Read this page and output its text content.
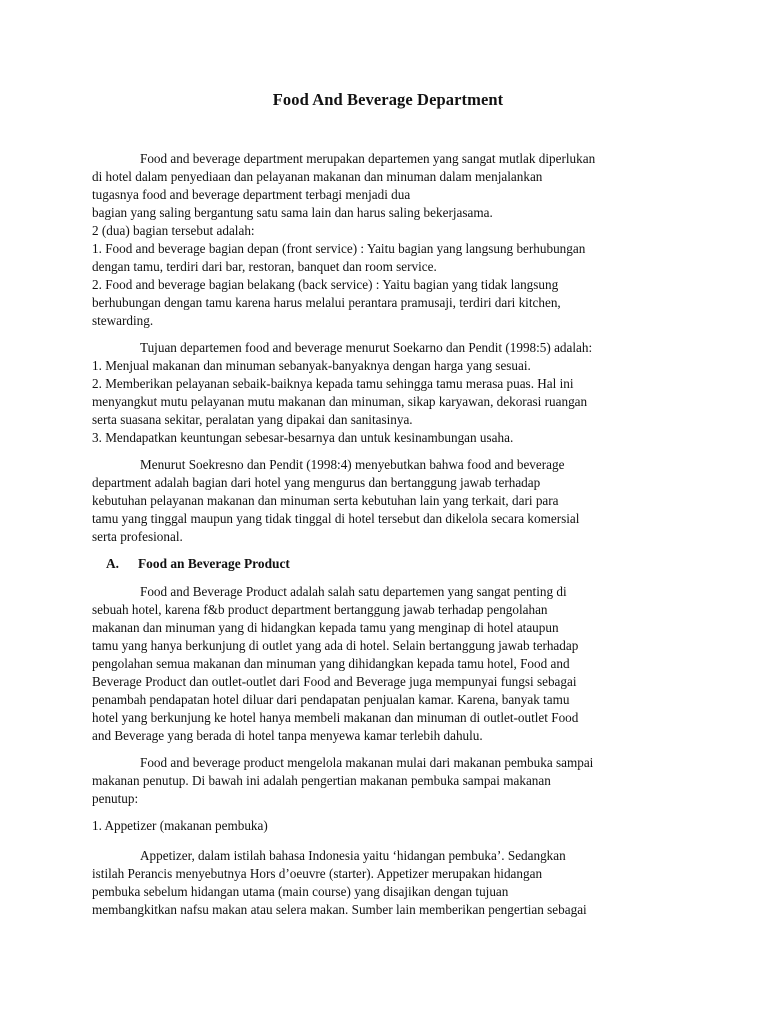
Food And Beverage Department
Food and beverage department merupakan departemen yang sangat mutlak diperlukan
di hotel dalam penyediaan dan pelayanan makanan dan minuman dalam menjalankan
tugasnya food and beverage department terbagi menjadi dua
bagian yang saling bergantung satu sama lain dan harus saling bekerjasama.
2 (dua) bagian tersebut adalah:
1. Food and beverage bagian depan (front service) : Yaitu bagian yang langsung berhubungan
dengan tamu, terdiri dari bar, restoran, banquet dan room service.
2. Food and beverage bagian belakang (back service) : Yaitu bagian yang tidak langsung
berhubungan dengan tamu karena harus melalui perantara pramusaji, terdiri dari kitchen,
stewarding.
Tujuan departemen food and beverage menurut Soekarno dan Pendit (1998:5) adalah:
1. Menjual makanan dan minuman sebanyak-banyaknya dengan harga yang sesuai.
2. Memberikan pelayanan sebaik-baiknya kepada tamu sehingga tamu merasa puas. Hal ini
menyangkut mutu pelayanan mutu makanan dan minuman, sikap karyawan, dekorasi ruangan
serta suasana sekitar, peralatan yang dipakai dan sanitasinya.
3. Mendapatkan keuntungan sebesar-besarnya dan untuk kesinambungan usaha.
Menurut Soekresno dan Pendit (1998:4) menyebutkan bahwa food and beverage
department adalah bagian dari hotel yang mengurus dan bertanggung jawab terhadap
kebutuhan pelayanan makanan dan minuman serta kebutuhan lain yang terkait, dari para
tamu yang tinggal maupun yang tidak tinggal di hotel tersebut dan dikelola secara komersial
serta profesional.
A. Food an Beverage Product
Food and Beverage Product adalah salah satu departemen yang sangat penting di
sebuah hotel, karena f&b product department bertanggung jawab terhadap pengolahan
makanan dan minuman yang di hidangkan kepada tamu yang menginap di hotel ataupun
tamu yang hanya berkunjung di outlet yang ada di hotel. Selain bertanggung jawab terhadap
pengolahan semua makanan dan minuman yang dihidangkan kepada tamu hotel, Food and
Beverage Product dan outlet-outlet dari Food and Beverage juga mempunyai fungsi sebagai
penambah pendapatan hotel diluar dari pendapatan penjualan kamar. Karena, banyak tamu
hotel yang berkunjung ke hotel hanya membeli makanan dan minuman di outlet-outlet Food
and Beverage yang berada di hotel tanpa menyewa kamar terlebih dahulu.
Food and beverage product mengelola makanan mulai dari makanan pembuka sampai
makanan penutup. Di bawah ini adalah pengertian makanan pembuka sampai makanan
penutup:
1. Appetizer (makanan pembuka)
Appetizer, dalam istilah bahasa Indonesia yaitu ‘hidangan pembuka’. Sedangkan
istilah Perancis menyebutnya Hors d’oeuvre (starter). Appetizer merupakan hidangan
pembuka sebelum hidangan utama (main course) yang disajikan dengan tujuan
membangkitkan nafsu makan atau selera makan. Sumber lain memberikan pengertian sebagai
